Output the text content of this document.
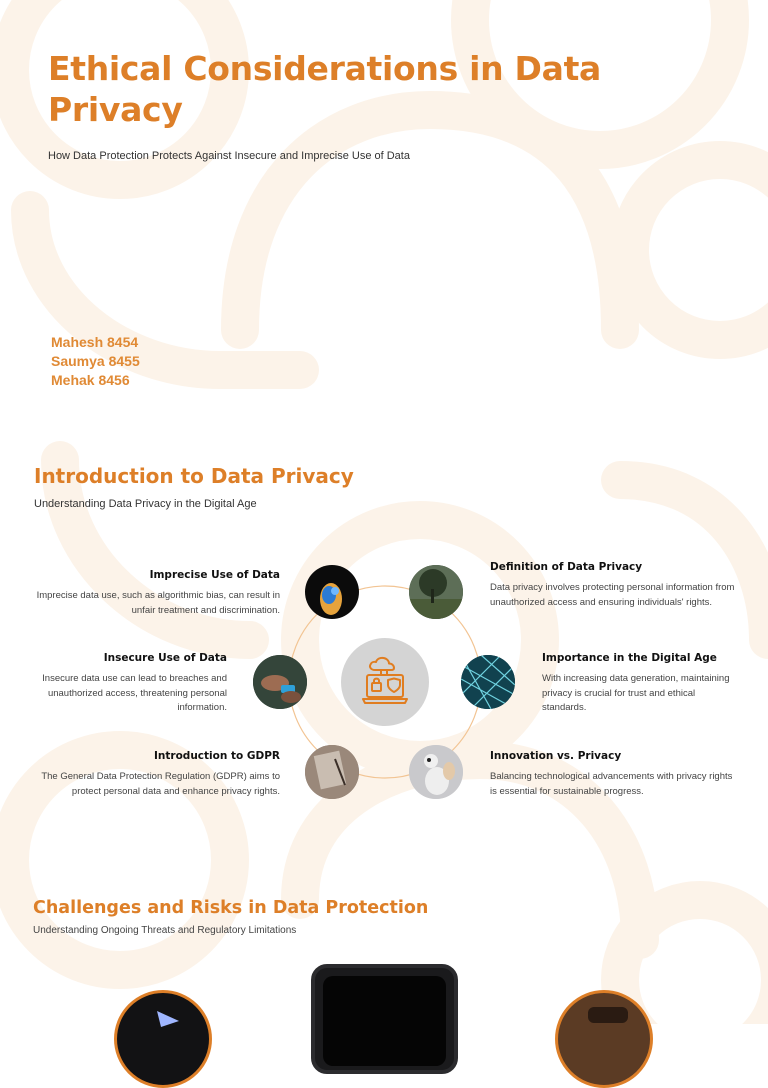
Ethical Considerations in Data Privacy
How Data Protection Protects Against Insecure and Imprecise Use of Data
Mahesh 8454
Saumya 8455
Mehak 8456
Introduction to Data Privacy
Understanding Data Privacy in the Digital Age
Imprecise Use of Data
Imprecise data use, such as algorithmic bias, can result in unfair treatment and discrimination.
Definition of Data Privacy
Data privacy involves protecting personal information from unauthorized access and ensuring individuals' rights.
Insecure Use of Data
Insecure data use can lead to breaches and unauthorized access, threatening personal information.
Importance in the Digital Age
With increasing data generation, maintaining privacy is crucial for trust and ethical standards.
Introduction to GDPR
The General Data Protection Regulation (GDPR) aims to protect personal data and enhance privacy rights.
Innovation vs. Privacy
Balancing technological advancements with privacy rights is essential for sustainable progress.
Challenges and Risks in Data Protection
Understanding Ongoing Threats and Regulatory Limitations
